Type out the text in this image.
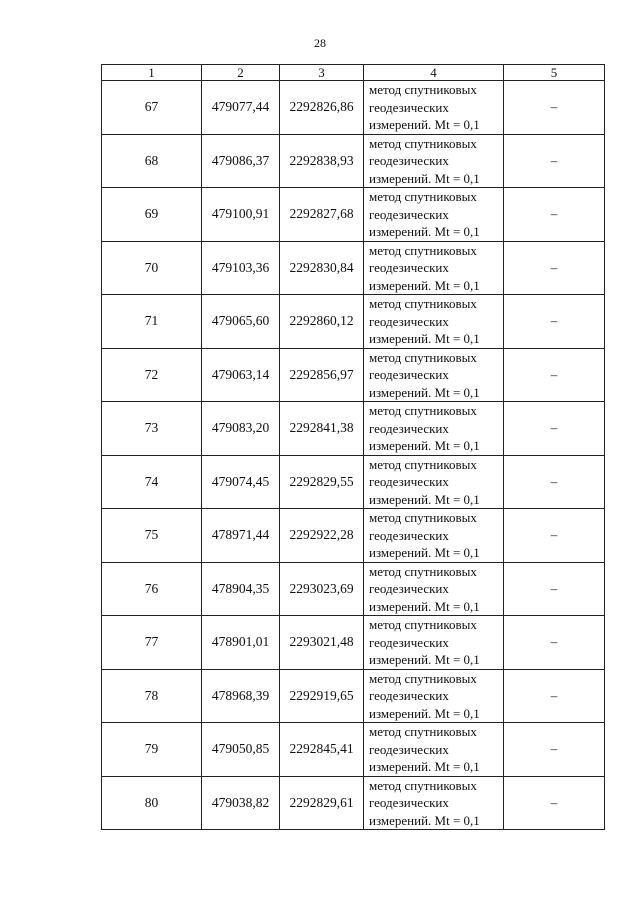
28
1	2	3	4	5
67	479077,44	2292826,86	метод спутниковых
геодезических
измерений. Mt = 0,1	–
68	479086,37	2292838,93	метод спутниковых
геодезических
измерений. Mt = 0,1	–
69	479100,91	2292827,68	метод спутниковых
геодезических
измерений. Mt = 0,1	–
70	479103,36	2292830,84	метод спутниковых
геодезических
измерений. Mt = 0,1	–
71	479065,60	2292860,12	метод спутниковых
геодезических
измерений. Mt = 0,1	–
72	479063,14	2292856,97	метод спутниковых
геодезических
измерений. Mt = 0,1	–
73	479083,20	2292841,38	метод спутниковых
геодезических
измерений. Mt = 0,1	–
74	479074,45	2292829,55	метод спутниковых
геодезических
измерений. Mt = 0,1	–
75	478971,44	2292922,28	метод спутниковых
геодезических
измерений. Mt = 0,1	–
76	478904,35	2293023,69	метод спутниковых
геодезических
измерений. Mt = 0,1	–
77	478901,01	2293021,48	метод спутниковых
геодезических
измерений. Mt = 0,1	–
78	478968,39	2292919,65	метод спутниковых
геодезических
измерений. Mt = 0,1	–
79	479050,85	2292845,41	метод спутниковых
геодезических
измерений. Mt = 0,1	–
80	479038,82	2292829,61	метод спутниковых
геодезических
измерений. Mt = 0,1	–
